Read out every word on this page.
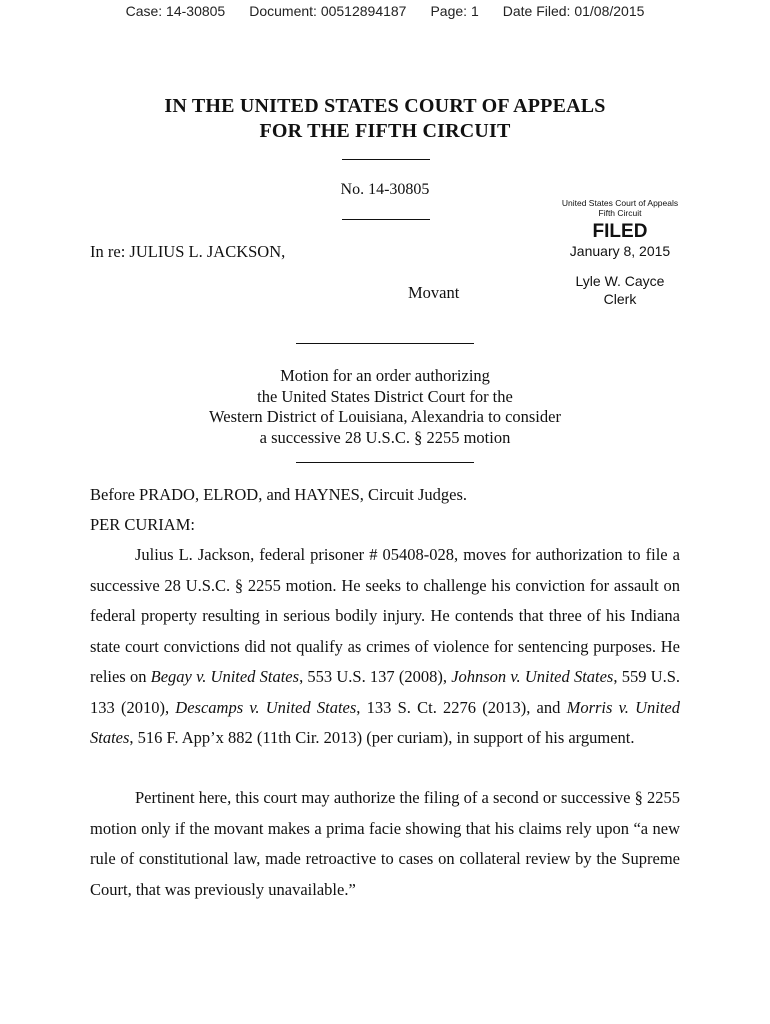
Case: 14-30805 Document: 00512894187 Page: 1 Date Filed: 01/08/2015
IN THE UNITED STATES COURT OF APPEALS
FOR THE FIFTH CIRCUIT
No. 14-30805
United States Court of Appeals
Fifth Circuit
FILED
January 8, 2015
Lyle W. Cayce
Clerk
In re: JULIUS L. JACKSON,
Movant
Motion for an order authorizing
the United States District Court for the
Western District of Louisiana, Alexandria to consider
a successive 28 U.S.C. § 2255 motion
Before PRADO, ELROD, and HAYNES, Circuit Judges.
PER CURIAM:
Julius L. Jackson, federal prisoner # 05408-028, moves for authorization to file a successive 28 U.S.C. § 2255 motion. He seeks to challenge his conviction for assault on federal property resulting in serious bodily injury. He contends that three of his Indiana state court convictions did not qualify as crimes of violence for sentencing purposes. He relies on Begay v. United States, 553 U.S. 137 (2008), Johnson v. United States, 559 U.S. 133 (2010), Descamps v. United States, 133 S. Ct. 2276 (2013), and Morris v. United States, 516 F. App’x 882 (11th Cir. 2013) (per curiam), in support of his argument.
Pertinent here, this court may authorize the filing of a second or successive § 2255 motion only if the movant makes a prima facie showing that his claims rely upon “a new rule of constitutional law, made retroactive to cases on collateral review by the Supreme Court, that was previously unavailable.”
